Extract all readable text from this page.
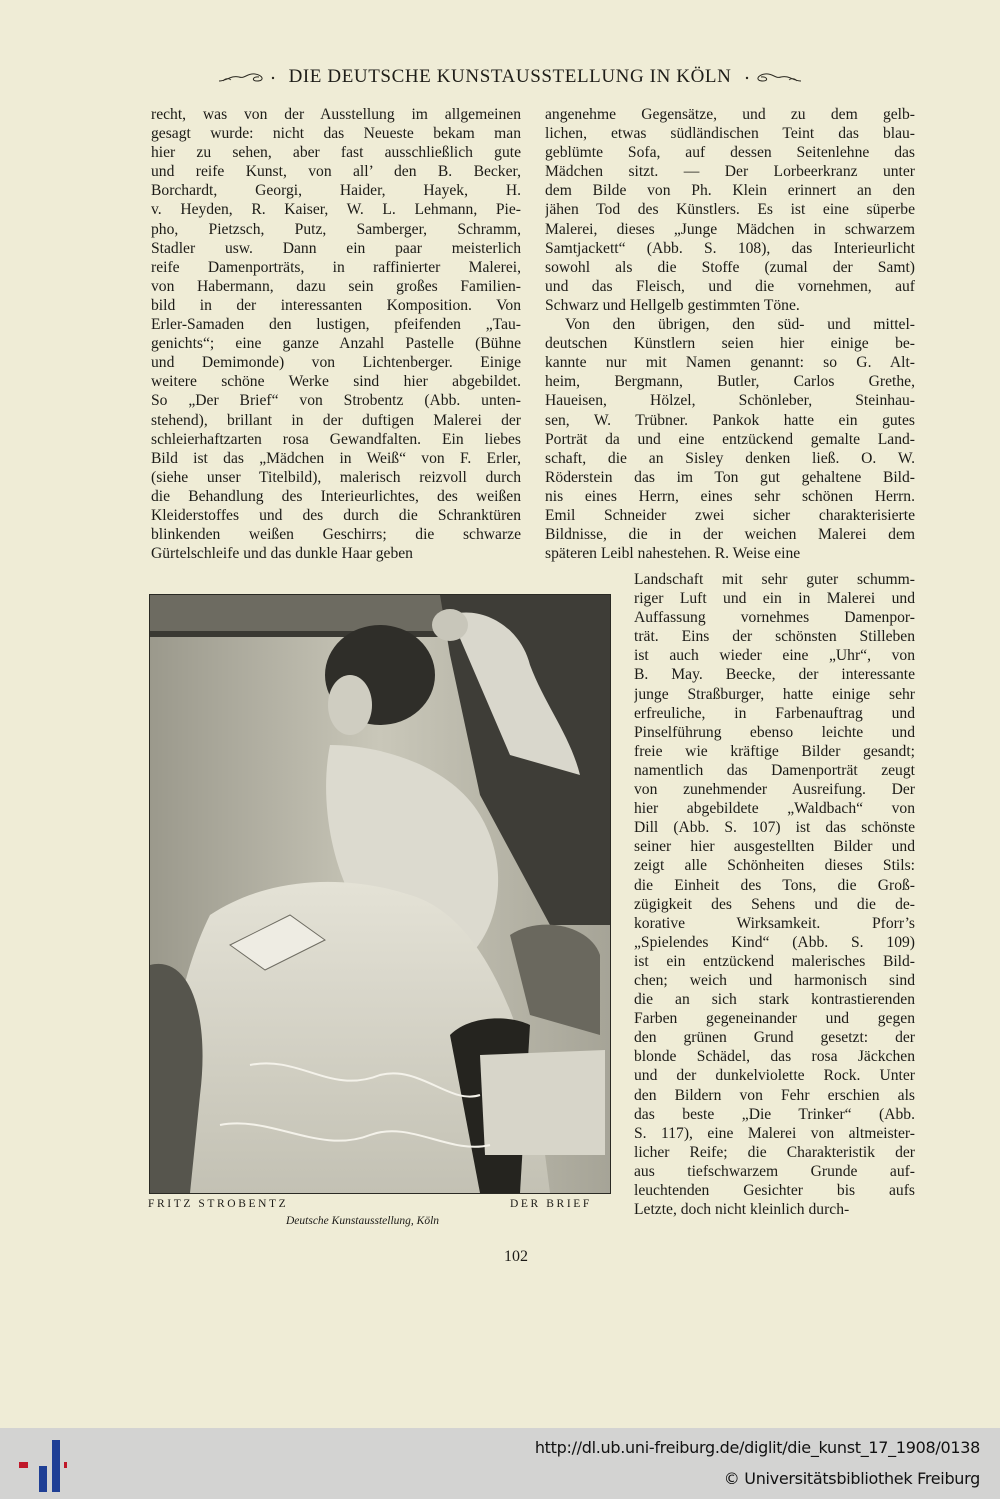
DIE DEUTSCHE KUNSTAUSSTELLUNG IN KÖLN
recht, was von der Ausstellung im allgemeinen
gesagt wurde: nicht das Neueste bekam man
hier zu sehen, aber fast ausschließlich gute
und reife Kunst, von all’ den B. Becker,
Borchardt, Georgi, Haider, Hayek, H.
v. Heyden, R. Kaiser, W. L. Lehmann, Pie-
pho, Pietzsch, Putz, Samberger, Schramm,
Stadler usw. Dann ein paar meisterlich
reife Damenporträts, in raffinierter Malerei,
von Habermann, dazu sein großes Familien-
bild in der interessanten Komposition. Von
Erler-Samaden den lustigen, pfeifenden „Tau-
genichts“; eine ganze Anzahl Pastelle (Bühne
und Demimonde) von Lichtenberger. Einige
weitere schöne Werke sind hier abgebildet.
So „Der Brief“ von Strobentz (Abb. unten-
stehend), brillant in der duftigen Malerei der
schleierhaftzarten rosa Gewandfalten. Ein liebes
Bild ist das „Mädchen in Weiß“ von F. Erler,
(siehe unser Titelbild), malerisch reizvoll durch
die Behandlung des Interieurlichtes, des weißen
Kleiderstoffes und des durch die Schranktüren
blinkenden weißen Geschirrs; die schwarze
Gürtelschleife und das dunkle Haar geben
angenehme Gegensätze, und zu dem gelb-
lichen, etwas südländischen Teint das blau-
geblümte Sofa, auf dessen Seitenlehne das
Mädchen sitzt. — Der Lorbeerkranz unter
dem Bilde von Ph. Klein erinnert an den
jähen Tod des Künstlers. Es ist eine süperbe
Malerei, dieses „Junge Mädchen in schwarzem
Samtjackett“ (Abb. S. 108), das Interieurlicht
sowohl als die Stoffe (zumal der Samt)
und das Fleisch, und die vornehmen, auf
Schwarz und Hellgelb gestimmten Töne.
Von den übrigen, den süd- und mittel-
deutschen Künstlern seien hier einige be-
kannte nur mit Namen genannt: so G. Alt-
heim, Bergmann, Butler, Carlos Grethe,
Haueisen, Hölzel, Schönleber, Steinhau-
sen, W. Trübner. Pankok hatte ein gutes
Porträt da und eine entzückend gemalte Land-
schaft, die an Sisley denken ließ. O. W.
Röderstein das im Ton gut gehaltene Bild-
nis eines Herrn, eines sehr schönen Herrn.
Emil Schneider zwei sicher charakterisierte
Bildnisse, die in der weichen Malerei dem
späteren Leibl nahestehen. R. Weise eine
Landschaft mit sehr guter schumm-
riger Luft und ein in Malerei und
Auffassung vornehmes Damenpor-
trät. Eins der schönsten Stilleben
ist auch wieder eine „Uhr“, von
B. May. Beecke, der interessante
junge Straßburger, hatte einige sehr
erfreuliche, in Farbenauftrag und
Pinselführung ebenso leichte und
freie wie kräftige Bilder gesandt;
namentlich das Damenporträt zeugt
von zunehmender Ausreifung. Der
hier abgebildete „Waldbach“ von
Dill (Abb. S. 107) ist das schönste
seiner hier ausgestellten Bilder und
zeigt alle Schönheiten dieses Stils:
die Einheit des Tons, die Groß-
zügigkeit des Sehens und die de-
korative Wirksamkeit. Pforr’s
„Spielendes Kind“ (Abb. S. 109)
ist ein entzückend malerisches Bild-
chen; weich und harmonisch sind
die an sich stark kontrastierenden
Farben gegeneinander und gegen
den grünen Grund gesetzt: der
blonde Schädel, das rosa Jäckchen
und der dunkelviolette Rock. Unter
den Bildern von Fehr erschien als
das beste „Die Trinker“ (Abb.
S. 117), eine Malerei von altmeister-
licher Reife; die Charakteristik der
aus tiefschwarzem Grunde auf-
leuchtenden Gesichter bis aufs
Letzte, doch nicht kleinlich durch-
FRITZ STROBENTZ	DER BRIEF
Deutsche Kunstausstellung, Köln
102
http://dl.ub.uni-freiburg.de/diglit/die_kunst_17_1908/0138
© Universitätsbibliothek Freiburg
